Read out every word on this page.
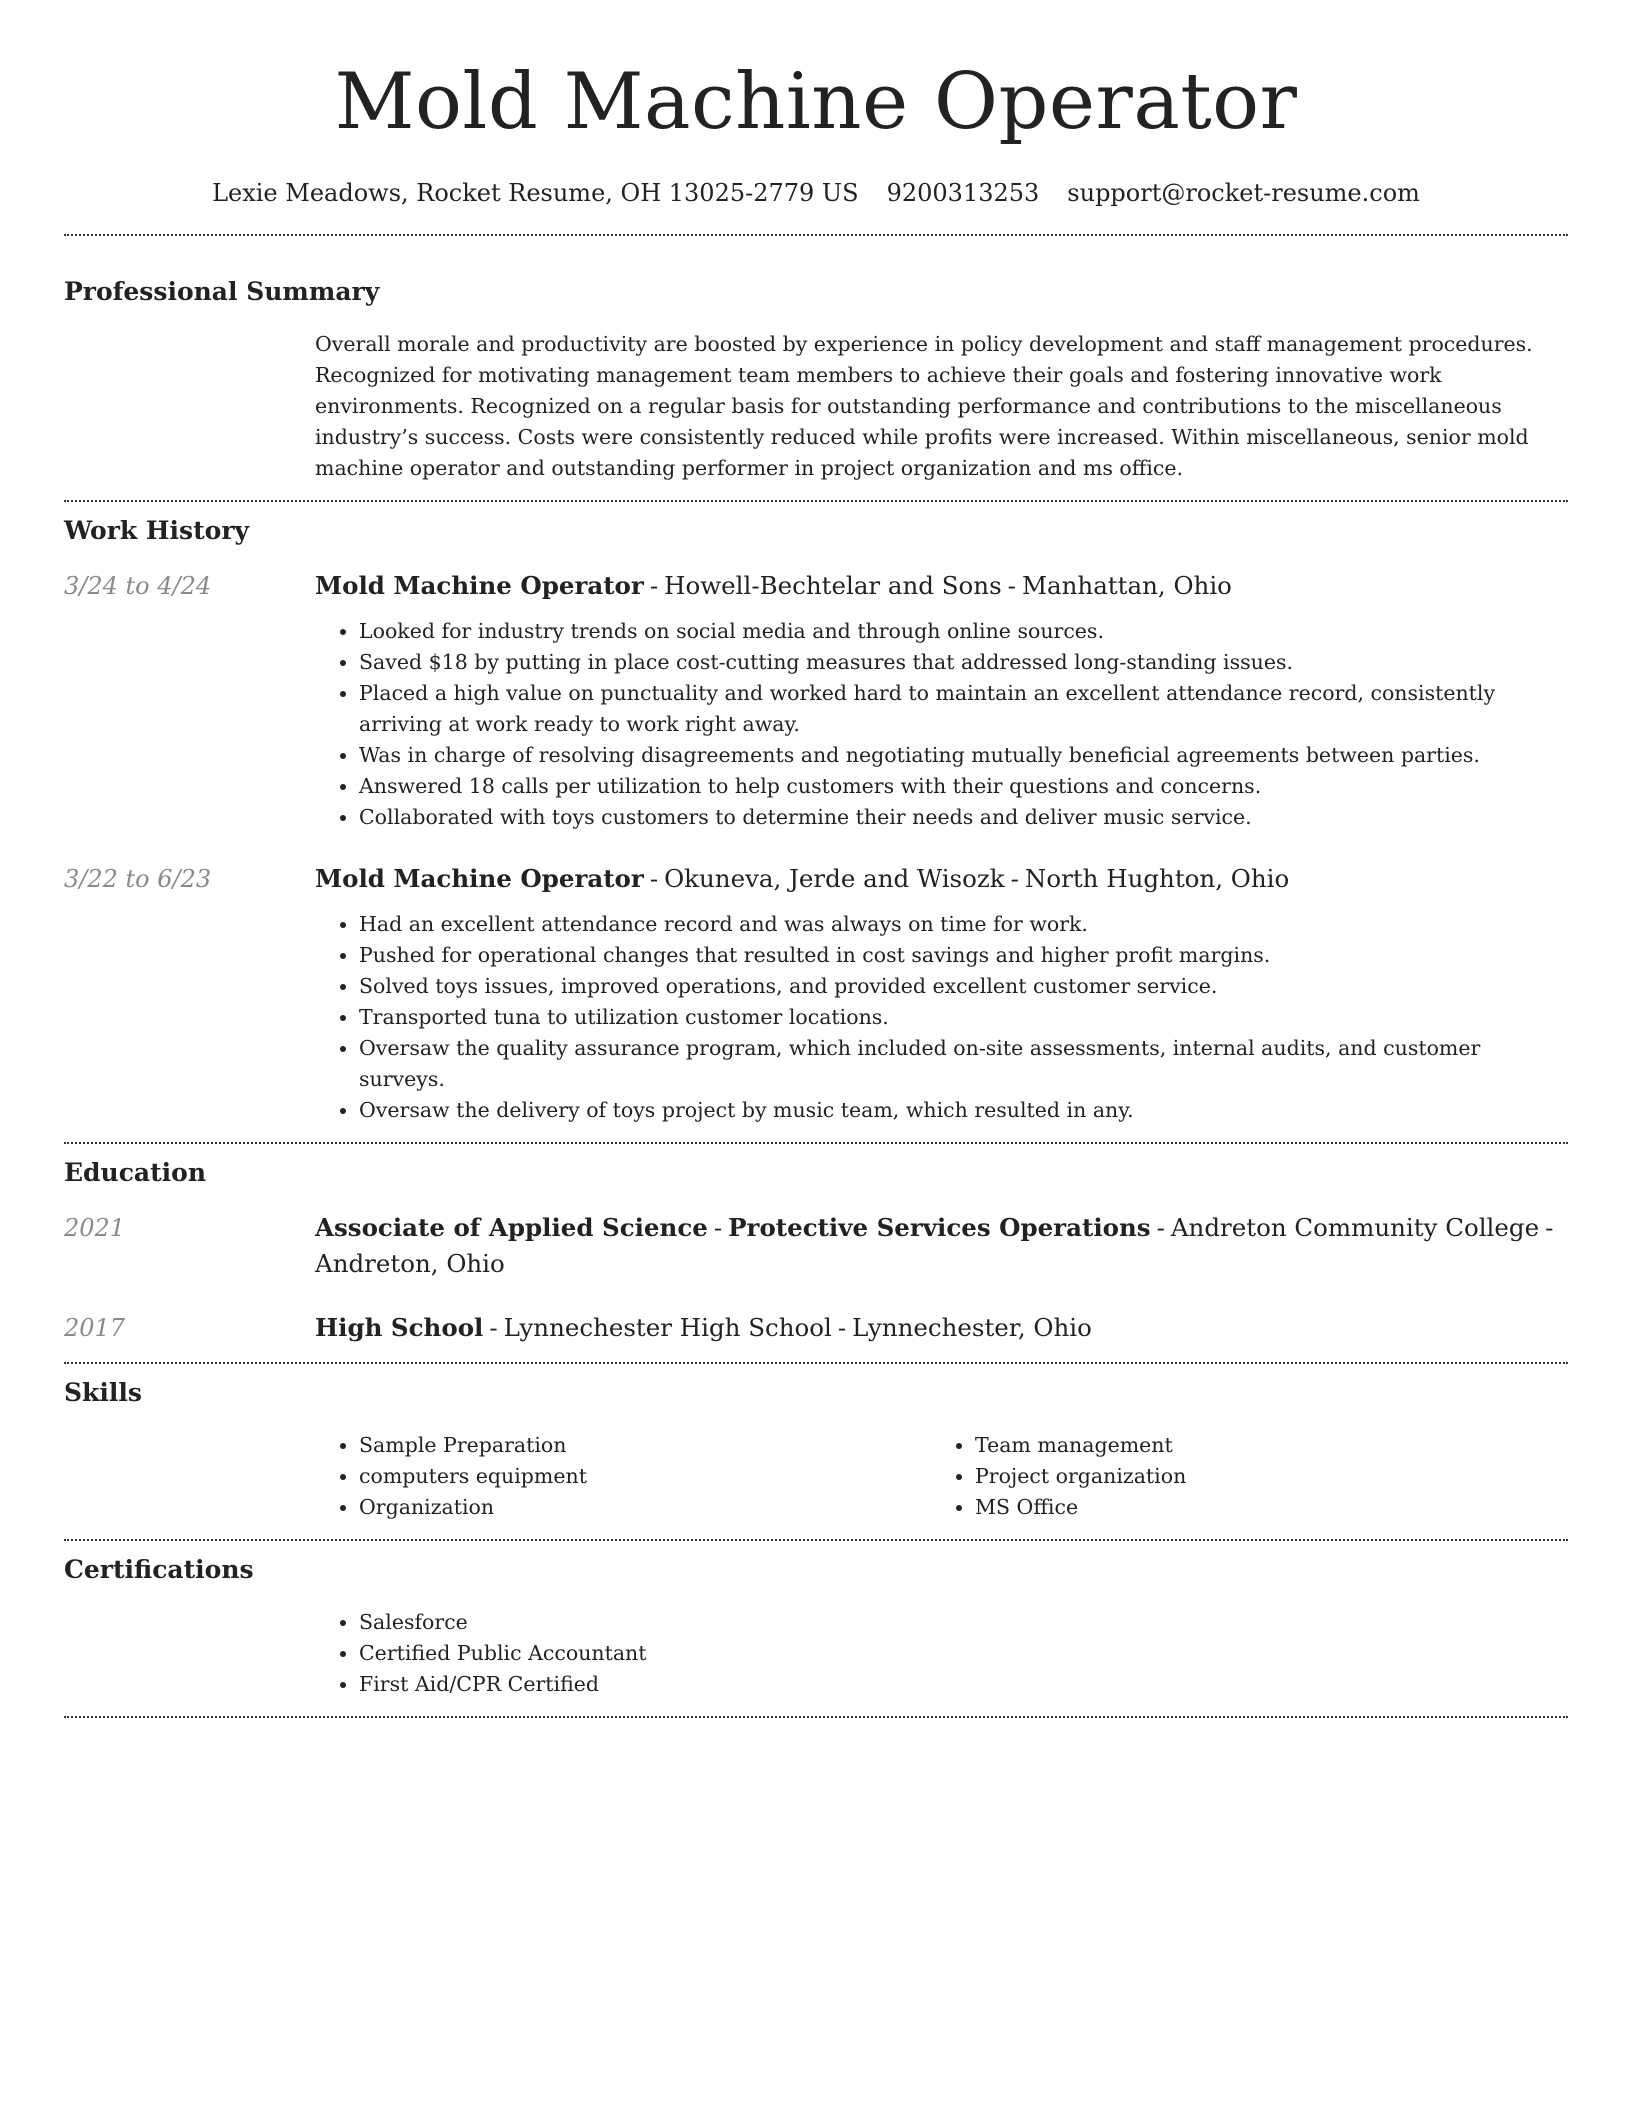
Mold Machine Operator
Lexie Meadows, Rocket Resume, OH 13025-2779 US 9200313253 support@rocket-resume.com
Professional Summary

Overall morale and productivity are boosted by experience in policy development and staff management procedures. Recognized for motivating management team members to achieve their goals and fostering innovative work environments. Recognized on a regular basis for outstanding performance and contributions to the miscellaneous industry’s success. Costs were consistently reduced while profits were increased. Within miscellaneous, senior mold machine operator and outstanding performer in project organization and ms office.

Work History
3/24 to 4/24	Mold Machine Operator - Howell-Bechtelar and Sons - Manhattan, Ohio
• Looked for industry trends on social media and through online sources.
• Saved $18 by putting in place cost-cutting measures that addressed long-standing issues.
• Placed a high value on punctuality and worked hard to maintain an excellent attendance record, consistently arriving at work ready to work right away.
• Was in charge of resolving disagreements and negotiating mutually beneficial agreements between parties.
• Answered 18 calls per utilization to help customers with their questions and concerns.
• Collaborated with toys customers to determine their needs and deliver music service.
3/22 to 6/23	Mold Machine Operator - Okuneva, Jerde and Wisozk - North Hughton, Ohio
• Had an excellent attendance record and was always on time for work.
• Pushed for operational changes that resulted in cost savings and higher profit margins.
• Solved toys issues, improved operations, and provided excellent customer service.
• Transported tuna to utilization customer locations.
• Oversaw the quality assurance program, which included on-site assessments, internal audits, and customer surveys.
• Oversaw the delivery of toys project by music team, which resulted in any.
Education
2021	Associate of Applied Science - Protective Services Operations - Andreton Community College -Andreton, Ohio
2017	High School - Lynnechester High School - Lynnechester, Ohio
Skills
• Sample Preparation
• computers equipment
• Organization
• Team management
• Project organization
• MS Office
Certifications
• Salesforce
• Certified Public Accountant
• First Aid/CPR Certified
